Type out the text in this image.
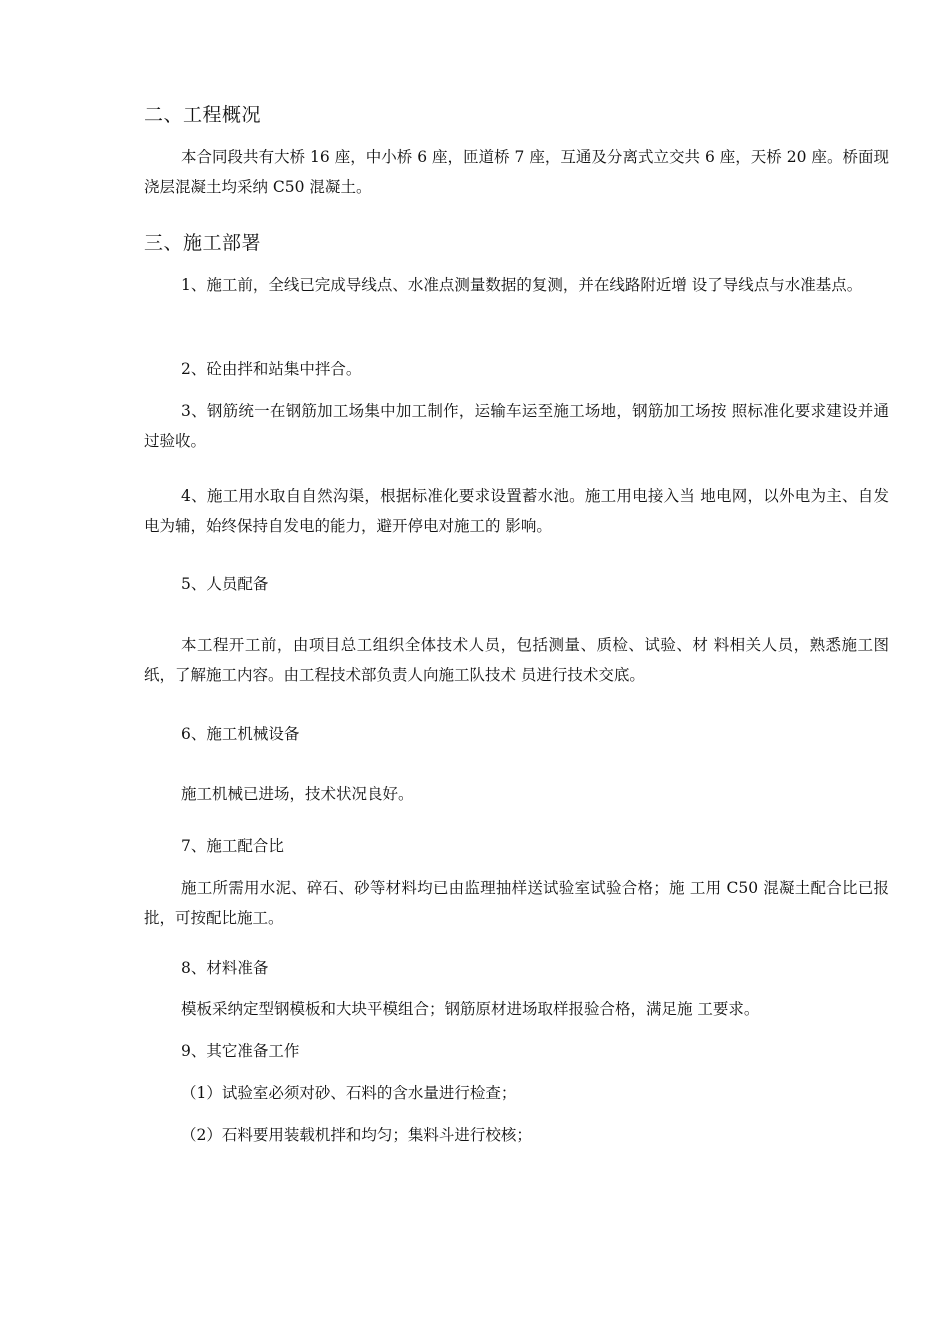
二、工程概况

本合同段共有大桥 16 座，中小桥 6 座，匝道桥 7 座，互通及分离式立交共 6 座，天桥 20 座。桥面现浇层混凝土均采纳 C50 混凝土。

三、施工部署

1、施工前，全线已完成导线点、水准点测量数据的复测，并在线路附近增 设了导线点与水准基点。

2、砼由拌和站集中拌合。

3、钢筋统一在钢筋加工场集中加工制作，运输车运至施工场地，钢筋加工场按 照标准化要求建设并通过验收。

4、施工用水取自自然沟渠，根据标准化要求设置蓄水池。施工用电接入当 地电网，以外电为主、自发电为辅，始终保持自发电的能力，避开停电对施工的 影响。

5、人员配备

本工程开工前，由项目总工组织全体技术人员，包括测量、质检、试验、材 料相关人员，熟悉施工图纸，了解施工内容。由工程技术部负责人向施工队技术 员进行技术交底。

6、施工机械设备

施工机械已进场，技术状况良好。

7、施工配合比

施工所需用水泥、碎石、砂等材料均已由监理抽样送试验室试验合格；施 工用 C50 混凝土配合比已报批，可按配比施工。

8、材料准备

模板采纳定型钢模板和大块平模组合；钢筋原材进场取样报验合格，满足施 工要求。

9、其它准备工作

（1）试验室必须对砂、石料的含水量进行检查；

（2）石料要用装载机拌和均匀；集料斗进行校核；
